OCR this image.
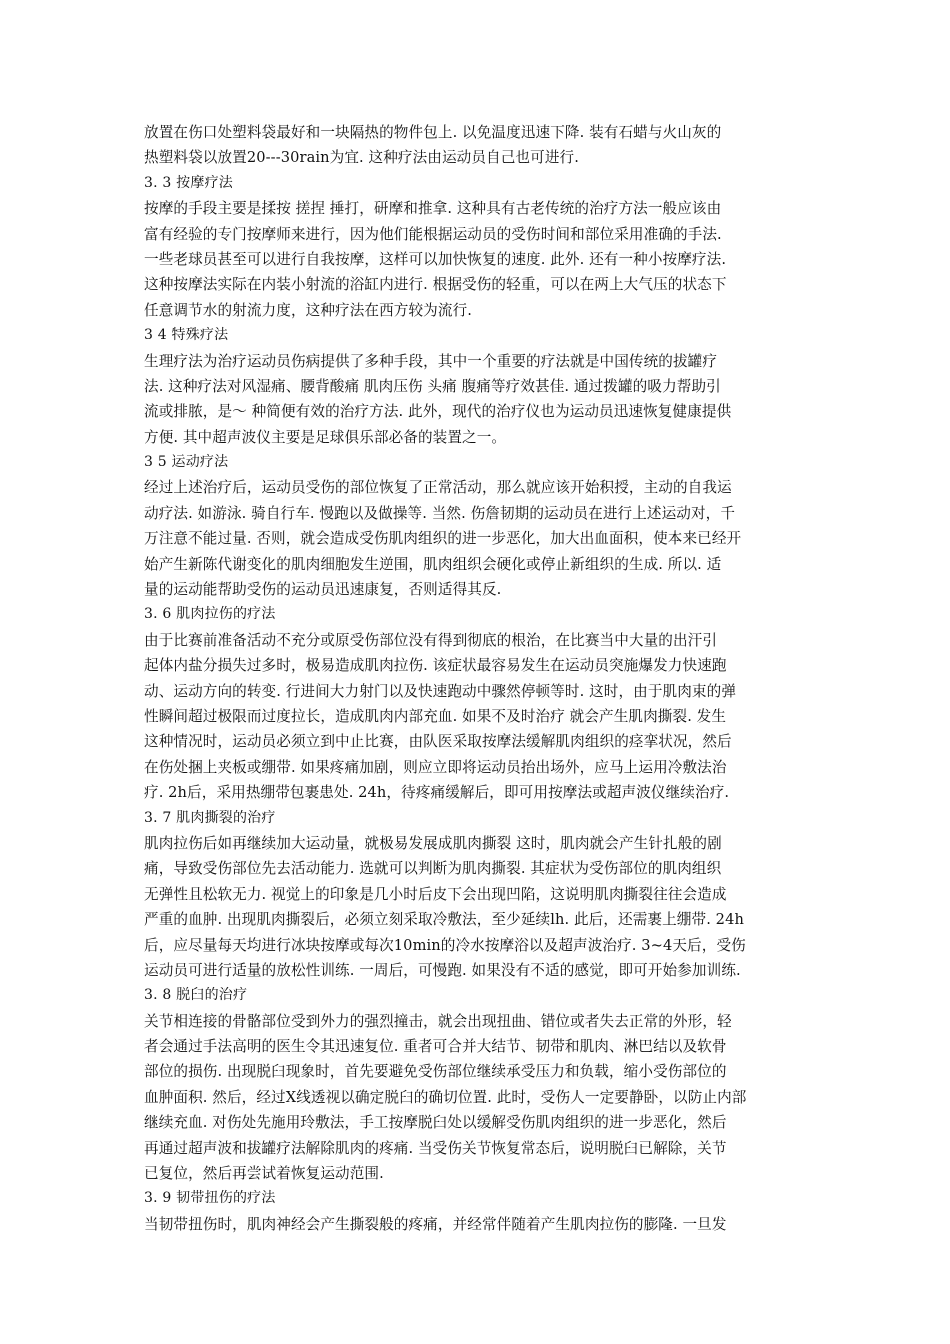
放置在伤口处塑料袋最好和一块隔热的物件包上. 以免温度迅速下降. 装有石蜡与火山灰的
热塑料袋以放置20---30rain为宜. 这种疗法由运动员自己也可进行.
3. 3 按摩疗法
按摩的手段主要是揉按 搓捏 捶打，研摩和推拿. 这种具有古老传统的治疗方法一般应该由
富有经验的专门按摩师来进行，因为他们能根据运动员的受伤时间和部位采用准确的手法.
一些老球员甚至可以进行自我按摩，这样可以加快恢复的速度. 此外. 还有一种小按摩疗法.
这种按摩法实际在内装小射流的浴缸内进行. 根据受伤的轻重，可以在两上大气压的状态下
任意调节水的射流力度，这种疗法在西方较为流行.
3 4 特殊疗法
生理疗法为治疗运动员伤病提供了多种手段，其中一个重要的疗法就是中国传统的拔罐疗
法. 这种疗法对风湿痛、腰背酸痛 肌肉压伤 头痛 腹痛等疗效甚佳. 通过拨罐的吸力帮助引
流或排脓，是～ 种简便有效的治疗方法. 此外，现代的治疗仪也为运动员迅速恢复健康提供
方便. 其中超声波仪主要是足球俱乐部必备的装置之一。
3 5 运动疗法
经过上述治疗后，运动员受伤的部位恢复了正常活动，那么就应该开始积授，主动的自我运
动疗法. 如游泳. 骑自行车. 慢跑以及做操等. 当然. 伤詹韧期的运动员在进行上述运动对，千
万注意不能过量. 否则，就会造成受伤肌肉组织的进一步恶化，加大出血面积，使本来已经开
始产生新陈代谢变化的肌肉细胞发生逆围，肌肉组织会硬化或停止新组织的生成. 所以. 适
量的运动能帮助受伤的运动员迅速康复，否则适得其反.
3. 6 肌肉拉伤的疗法
由于比赛前准备活动不充分或原受伤部位没有得到彻底的根治，在比赛当中大量的出汗引
起体内盐分损失过多时，极易造成肌肉拉伤. 该症状最容易发生在运动员突施爆发力快速跑
动、运动方向的转变. 行进间大力射门以及快速跑动中骤然停顿等时. 这时，由于肌肉束的弹
性瞬间超过极限而过度拉长，造成肌肉内部充血. 如果不及时治疗 就会产生肌肉撕裂. 发生
这种情况时，运动员必须立到中止比赛，由队医采取按摩法缓解肌肉组织的痉挛状况，然后
在伤处捆上夹板或绷带. 如果疼痛加剧，则应立即将运动员抬出场外，应马上运用冷敷法治
疗. 2h后，采用热绷带包裹患处. 24h，待疼痛缓解后，即可用按摩法或超声波仪继续治疗.
3. 7 肌肉撕裂的治疗
肌肉拉伤后如再继续加大运动量，就极易发展成肌肉撕裂 这时，肌肉就会产生针扎般的剧
痛，导致受伤部位先去活动能力. 选就可以判断为肌肉撕裂. 其症状为受伤部位的肌肉组织
无弹性且松软无力. 视觉上的印象是几小时后皮下会出现凹陷，这说明肌肉撕裂往往会造成
严重的血肿. 出现肌肉撕裂后，必须立刻采取冷敷法，至少延续lh. 此后，还需裹上绷带. 24h
后，应尽量每天均进行冰块按摩或每次10min的冷水按摩浴以及超声波治疗. 3~4天后，受伤
运动员可进行适量的放松性训练. 一周后，可慢跑. 如果没有不适的感觉，即可开始参加训练.
3. 8 脱臼的治疗
关节相连接的骨骼部位受到外力的强烈撞击，就会出现扭曲、错位或者失去正常的外形，轻
者会通过手法高明的医生令其迅速复位. 重者可合并大结节、韧带和肌肉、淋巴结以及软骨
部位的损伤. 出现脱臼现象时，首先要避免受伤部位继续承受压力和负载，缩小受伤部位的
血肿面积. 然后，经过X线透视以确定脱臼的确切位置. 此时，受伤人一定要静卧，以防止内部
继续充血. 对伤处先施用玲敷法，手工按摩脱臼处以缓解受伤肌肉组织的进一步恶化，然后
再通过超声波和拔罐疗法解除肌肉的疼痛. 当受伤关节恢复常态后，说明脱臼已解除，关节
已复位，然后再尝试着恢复运动范围.
3. 9 韧带扭伤的疗法
当韧带扭伤时，肌肉神经会产生撕裂般的疼痛，并经常伴随着产生肌肉拉伤的膨隆. 一旦发
